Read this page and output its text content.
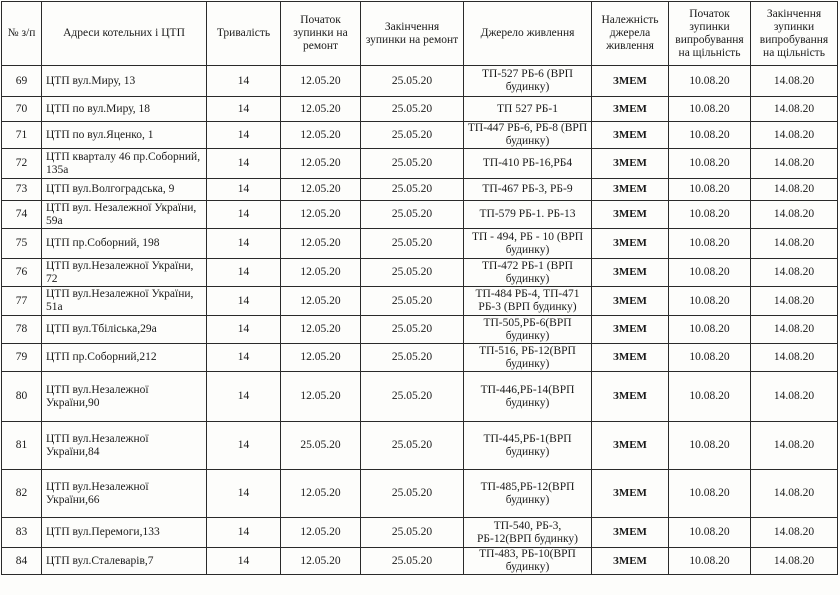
№ з/п	Адреси котельних і ЦТП	Тривалість	Початок зупинки на ремонт	Закінчення зупинки на ремонт	Джерело живлення	Належність джерела живлення	Початок зупинки випробування на щільність	Закінчення зупинки випробування на щільність
69	ЦТП вул.Миру, 13	14	12.05.20	25.05.20	ТП-527 РБ-6 (ВРП будинку)	ЗМЕМ	10.08.20	14.08.20
70	ЦТП по вул.Миру, 18	14	12.05.20	25.05.20	ТП 527 РБ-1	ЗМЕМ	10.08.20	14.08.20
71	ЦТП по вул.Яценко, 1	14	12.05.20	25.05.20	ТП-447 РБ-6, РБ-8 (ВРП будинку)	ЗМЕМ	10.08.20	14.08.20
72	ЦТП кварталу 46 пр.Соборний, 135а	14	12.05.20	25.05.20	ТП-410 РБ-16,РБ4	ЗМЕМ	10.08.20	14.08.20
73	ЦТП вул.Волгоградська, 9	14	12.05.20	25.05.20	ТП-467 РБ-3, РБ-9	ЗМЕМ	10.08.20	14.08.20
74	ЦТП вул. Незалежної України, 59а	14	12.05.20	25.05.20	ТП-579 РБ-1. РБ-13	ЗМЕМ	10.08.20	14.08.20
75	ЦТП пр.Соборний, 198	14	12.05.20	25.05.20	ТП - 494, РБ - 10 (ВРП будинку)	ЗМЕМ	10.08.20	14.08.20
76	ЦТП вул.Незалежної України, 72	14	12.05.20	25.05.20	ТП-472 РБ-1 (ВРП будинку)	ЗМЕМ	10.08.20	14.08.20
77	ЦТП вул.Незалежної України, 51а	14	12.05.20	25.05.20	ТП-484 РБ-4, ТП-471 РБ-3 (ВРП будинку)	ЗМЕМ	10.08.20	14.08.20
78	ЦТП вул.Тбіліська,29а	14	12.05.20	25.05.20	ТП-505,РБ-6(ВРП будинку)	ЗМЕМ	10.08.20	14.08.20
79	ЦТП пр.Соборний,212	14	12.05.20	25.05.20	ТП-516, РБ-12(ВРП будинку)	ЗМЕМ	10.08.20	14.08.20
80	ЦТП вул.Незалежної України,90	14	12.05.20	25.05.20	ТП-446,РБ-14(ВРП будинку)	ЗМЕМ	10.08.20	14.08.20
81	ЦТП вул.Незалежної України,84	14	25.05.20	25.05.20	ТП-445,РБ-1(ВРП будинку)	ЗМЕМ	10.08.20	14.08.20
82	ЦТП вул.Незалежної України,66	14	12.05.20	25.05.20	ТП-485,РБ-12(ВРП будинку)	ЗМЕМ	10.08.20	14.08.20
83	ЦТП вул.Перемоги,133	14	12.05.20	25.05.20	ТП-540, РБ-3, РБ-12(ВРП будинку)	ЗМЕМ	10.08.20	14.08.20
84	ЦТП вул.Сталеварів,7	14	12.05.20	25.05.20	ТП-483, РБ-10(ВРП будинку)	ЗМЕМ	10.08.20	14.08.20
